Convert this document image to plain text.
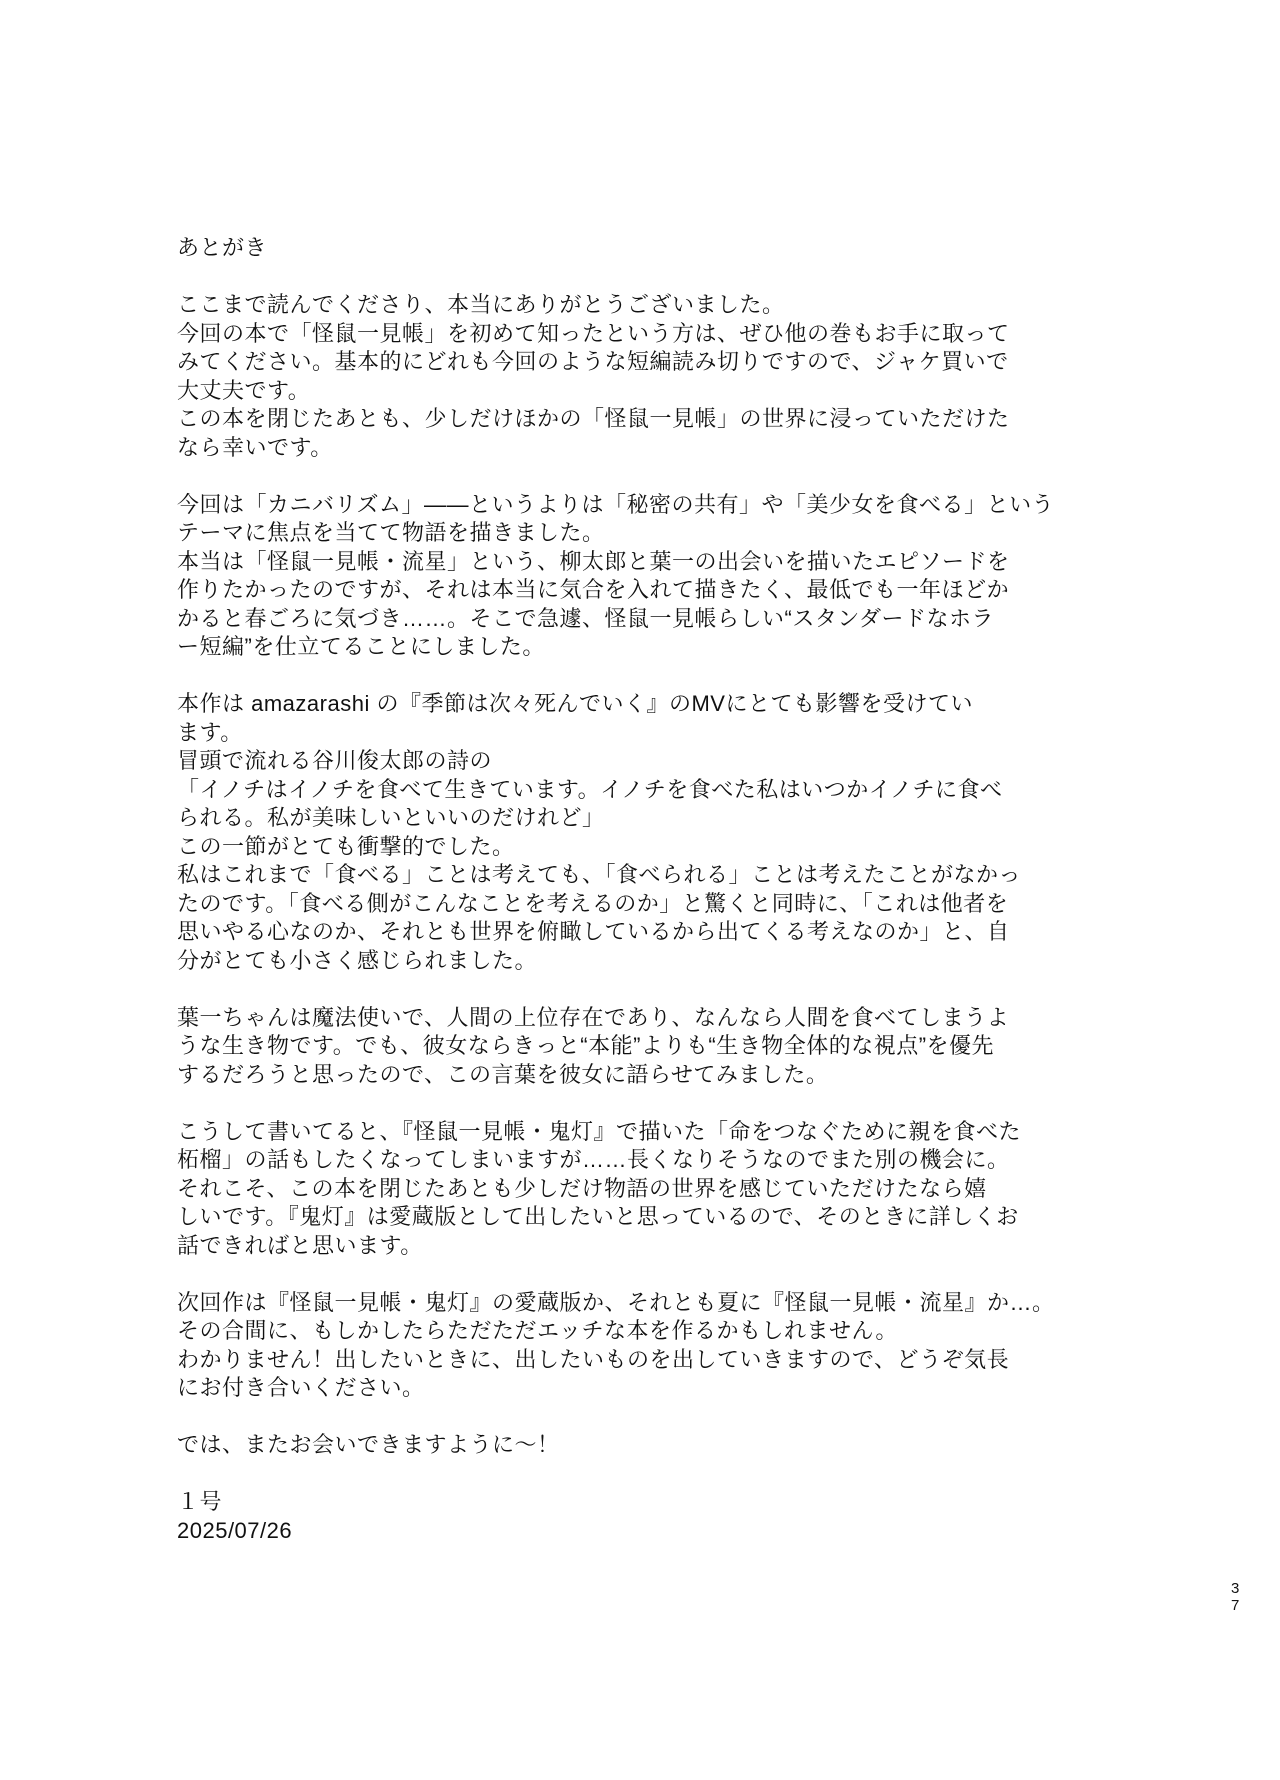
あとがき
ここまで読んでくださり、本当にありがとうございました。
今回の本で「怪鼠一見帳」を初めて知ったという方は、ぜひ他の巻もお手に取って
みてください。基本的にどれも今回のような短編読み切りですので、ジャケ買いで
大丈夫です。
この本を閉じたあとも、少しだけほかの「怪鼠一見帳」の世界に浸っていただけた
なら幸いです。
今回は「カニバリズム」――というよりは「秘密の共有」や「美少女を食べる」という
テーマに焦点を当てて物語を描きました。
本当は「怪鼠一見帳・流星」という、柳太郎と葉一の出会いを描いたエピソードを
作りたかったのですが、それは本当に気合を入れて描きたく、最低でも一年ほどか
かると春ごろに気づき……。そこで急遽、怪鼠一見帳らしい“スタンダードなホラ
ー短編”を仕立てることにしました。
本作は amazarashi の『季節は次々死んでいく』のMVにとても影響を受けてい
ます。
冒頭で流れる谷川俊太郎の詩の
「イノチはイノチを食べて生きています。イノチを食べた私はいつかイノチに食べ
られる。私が美味しいといいのだけれど」
この一節がとても衝撃的でした。
私はこれまで「食べる」ことは考えても、「食べられる」ことは考えたことがなかっ
たのです。「食べる側がこんなことを考えるのか」と驚くと同時に、「これは他者を
思いやる心なのか、それとも世界を俯瞰しているから出てくる考えなのか」と、自
分がとても小さく感じられました。
葉一ちゃんは魔法使いで、人間の上位存在であり、なんなら人間を食べてしまうよ
うな生き物です。でも、彼女ならきっと“本能”よりも“生き物全体的な視点”を優先
するだろうと思ったので、この言葉を彼女に語らせてみました。
こうして書いてると、『怪鼠一見帳・鬼灯』で描いた「命をつなぐために親を食べた
柘榴」の話もしたくなってしまいますが……長くなりそうなのでまた別の機会に。
それこそ、この本を閉じたあとも少しだけ物語の世界を感じていただけたなら嬉
しいです。『鬼灯』は愛蔵版として出したいと思っているので、そのときに詳しくお
話できればと思います。
次回作は『怪鼠一見帳・鬼灯』の愛蔵版か、それとも夏に『怪鼠一見帳・流星』か…。
その合間に、もしかしたらただただエッチな本を作るかもしれません。
わかりません！出したいときに、出したいものを出していきますので、どうぞ気長
にお付き合いください。
では、またお会いできますように～！
１号
2025/07/26
3
7
